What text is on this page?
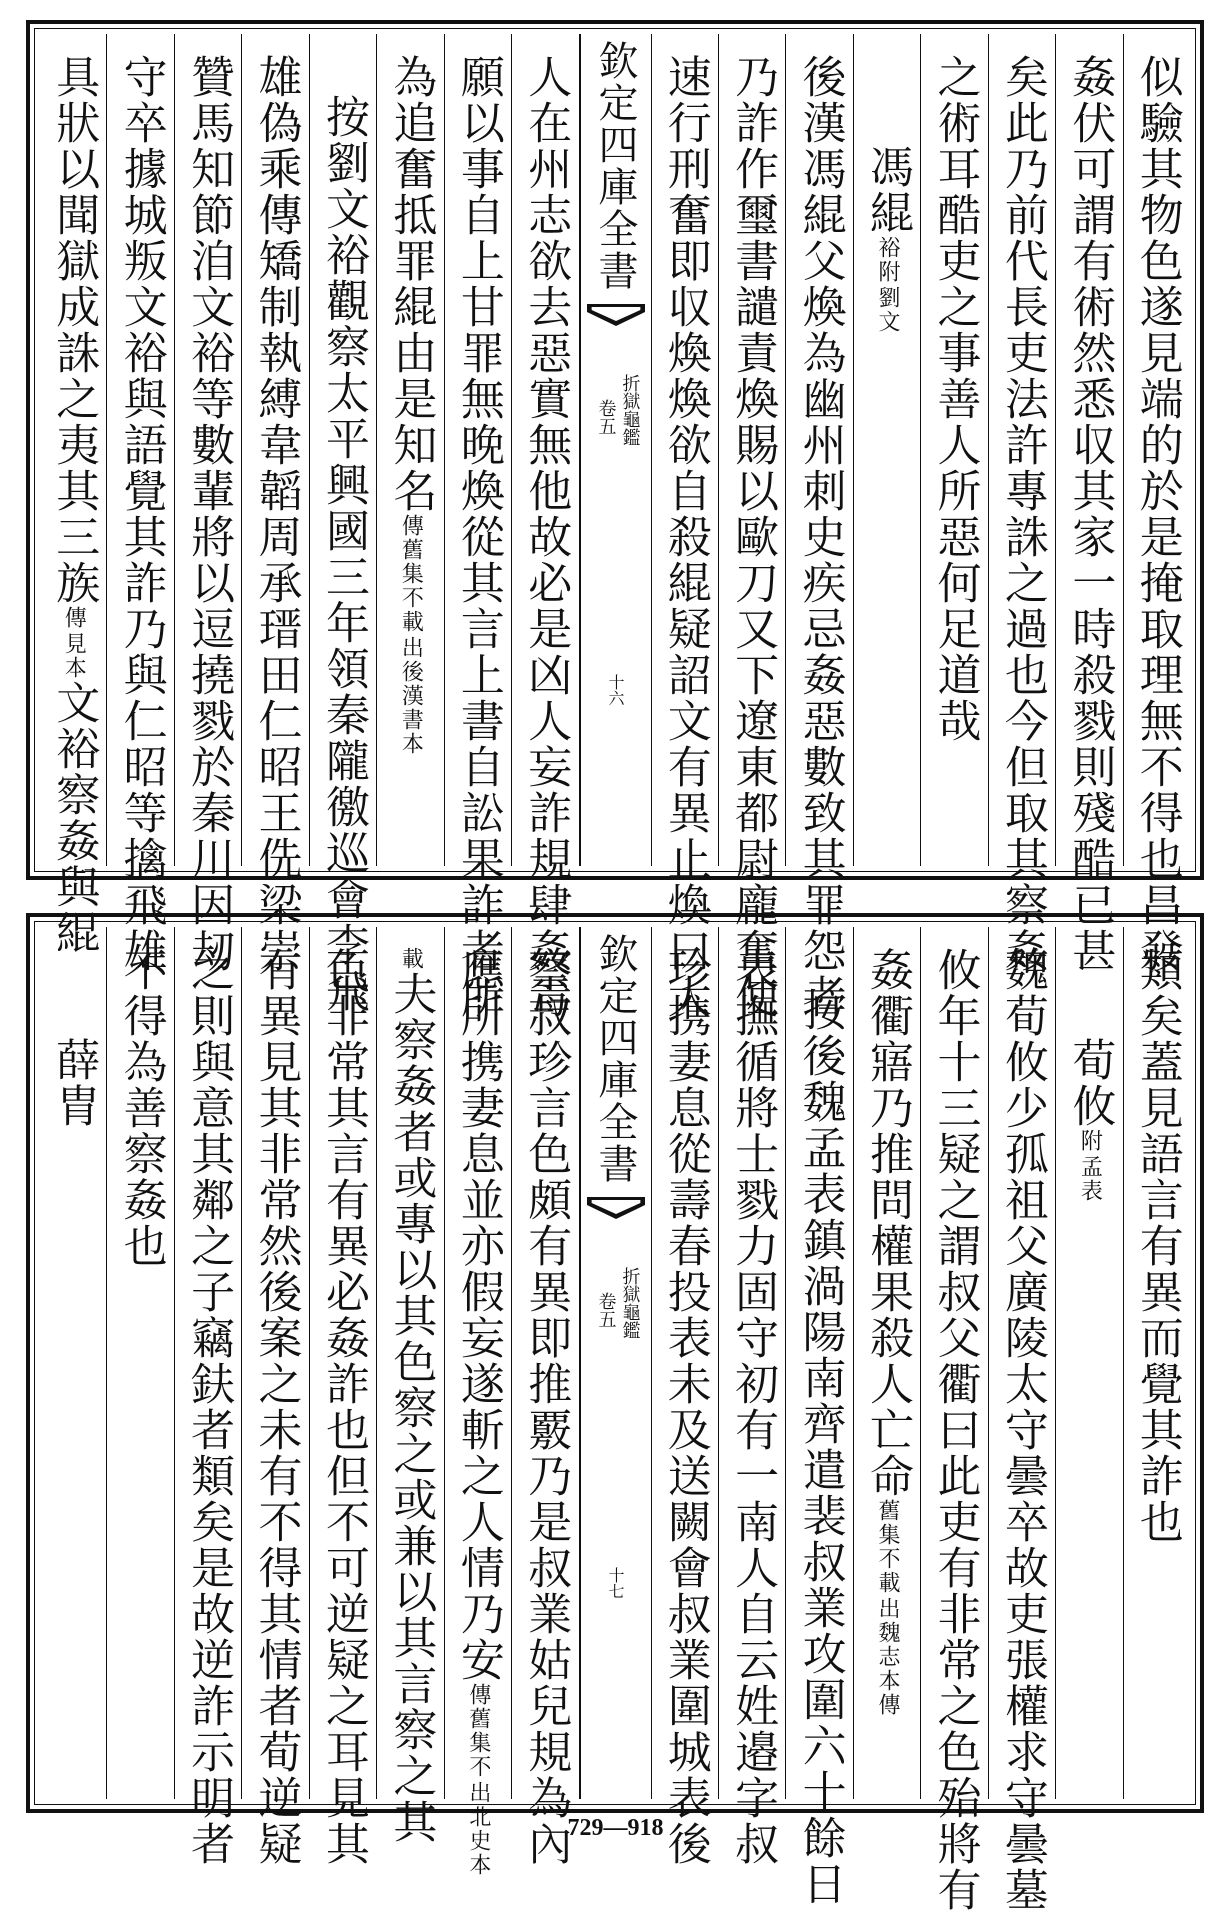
似驗其物色遂見端的於是掩取理無不得也昌發
姦伏可謂有術然悉収其家一時殺戮則殘酷已甚
矣此乃前代長吏法許專誅之過也今但取其察姦
之術耳酷吏之事善人所惡何足道哉
馮緄
劉文
裕附
後漢馮緄父煥為幽州刺史疾忌姦惡數致其罪怨者
乃詐作璽書譴責煥賜以歐刀又下遼東都尉龐奮使
速行刑奮即収煥煥欲自殺緄疑詔文有異止煥曰大
欽定四庫全書
折獄龜鑑
卷五
十六
人在州志欲去惡實無他故必是凶人妄詐規肆姦毒
願以事自上甘罪無晚煥從其言上書自訟果詐者所
為追奮抵罪緄由是知名
出後漢書本
傳舊集不載
按劉文裕觀察太平興國三年領秦隴徼巡會李飛
雄偽乘傳矯制執縛韋韜周承瑨田仁昭王侁梁崇
贊馬知節洎文裕等數輩將以逗撓戮於秦川因刼
守卒據城叛文裕與語覺其詐乃與仁昭等擒飛雄
具狀以聞獄成誅之夷其三族
見本
傳
文裕察姦與緄
類矣蓋見語言有異而覺其詐也
荀攸
孟表
附
魏荀攸少孤祖父廣陵太守曇卒故吏張權求守曇墓
攸年十三疑之謂叔父衢曰此吏有非常之色殆將有
姦衢寤乃推問權果殺人亡命
出魏志本傳
舊集不載
按後魏孟表鎮渦陽南齊遣裴叔業攻圍六十餘日
表撫循將士戮力固守初有一南人自云姓邉字叔
珍携妻息從壽春投表未及送闕會叔業圍城表後
欽定四庫全書
折獄龜鑑
卷五
十七
察叔珍言色頗有異即推覈乃是叔業姑兒規為內
應所携妻息並亦假妄遂斬之人情乃安
出北史本
傳舊集不
載夫察姦者或專以其色察之或兼以其言察之其
色非常其言有異必姦詐也但不可逆疑之耳見其
有異見其非常然後案之未有不得其情者荀逆疑
之則與意其鄰之子竊鈇者類矣是故逆詐示明者
不得為善察姦也
薛胄
729—918
